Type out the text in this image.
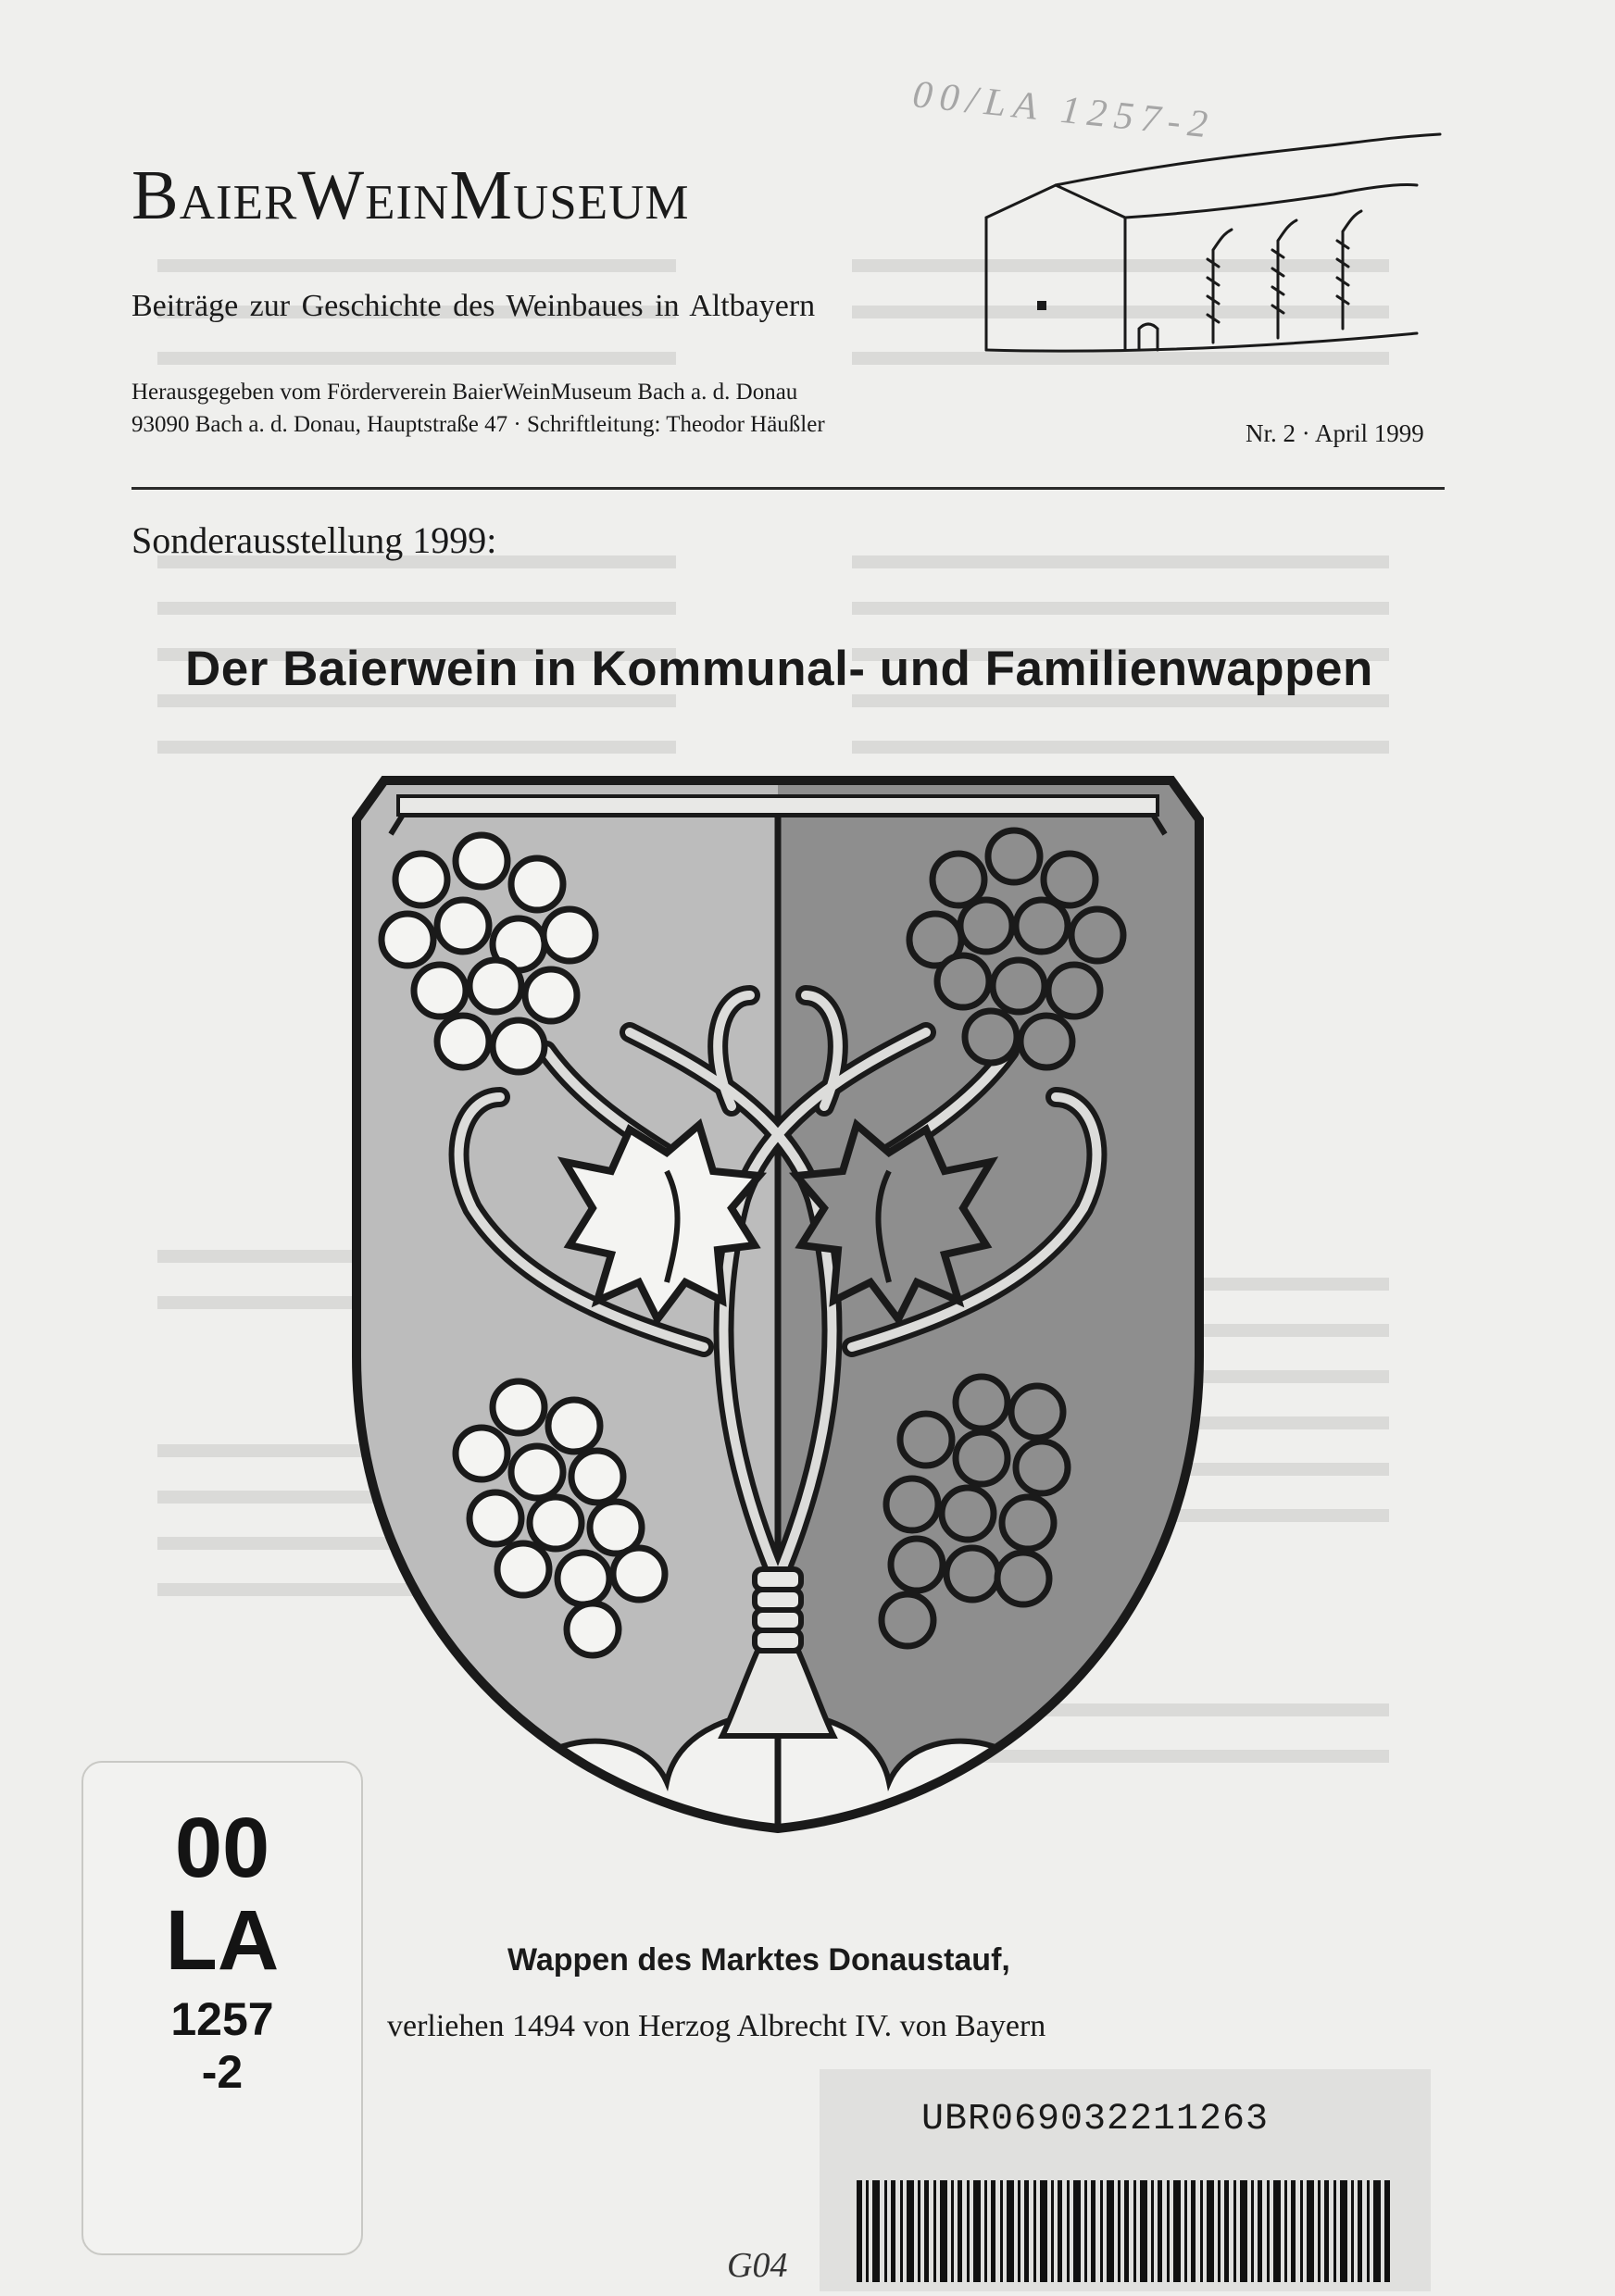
00/LA 1257-2
BaierWeinMuseum
Beiträge zur Geschichte des Weinbaues in Altbayern
Herausgegeben vom Förderverein BaierWeinMuseum Bach a. d. Donau
93090 Bach a. d. Donau, Hauptstraße 47 · Schriftleitung: Theodor Häußler	Nr. 2 · April 1999
Sonderausstellung 1999:
Der Baierwein in Kommunal- und Familienwappen
Wappen des Marktes Donaustauf,
verliehen 1494 von Herzog Albrecht IV. von Bayern
00
LA
1257
-2
UBR069032211263
G04
